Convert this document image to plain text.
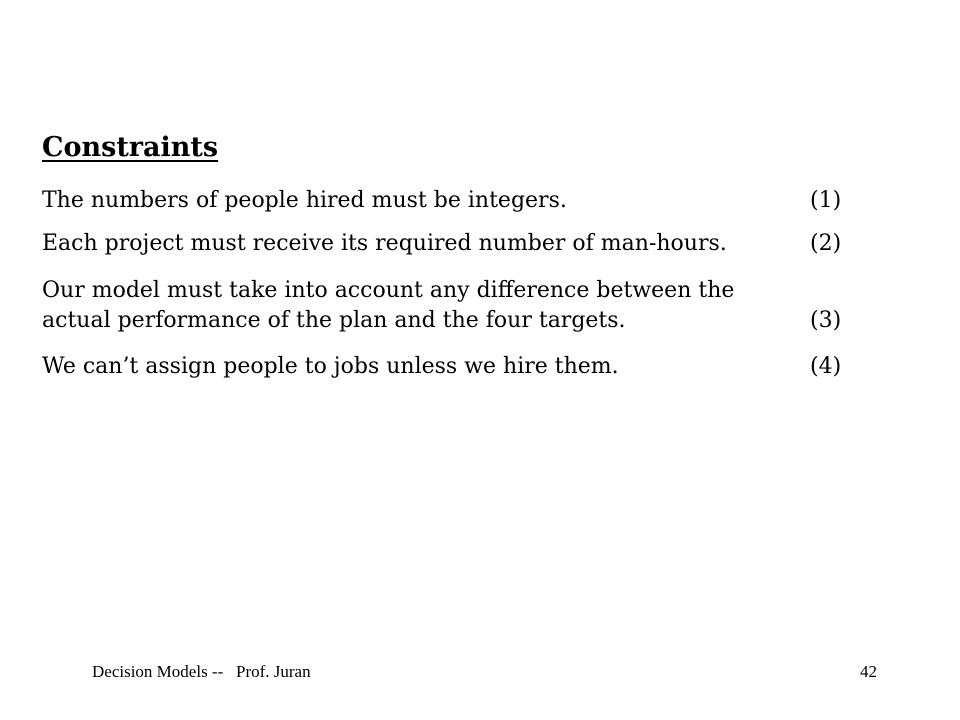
Constraints
The numbers of people hired must be integers.	(1)
Each project must receive its required number of man-hours.	(2)
Our model must take into account any difference between the
actual performance of the plan and the four targets.	(3)
We can’t assign people to jobs unless we hire them.	(4)
Decision Models --   Prof. Juran	42
